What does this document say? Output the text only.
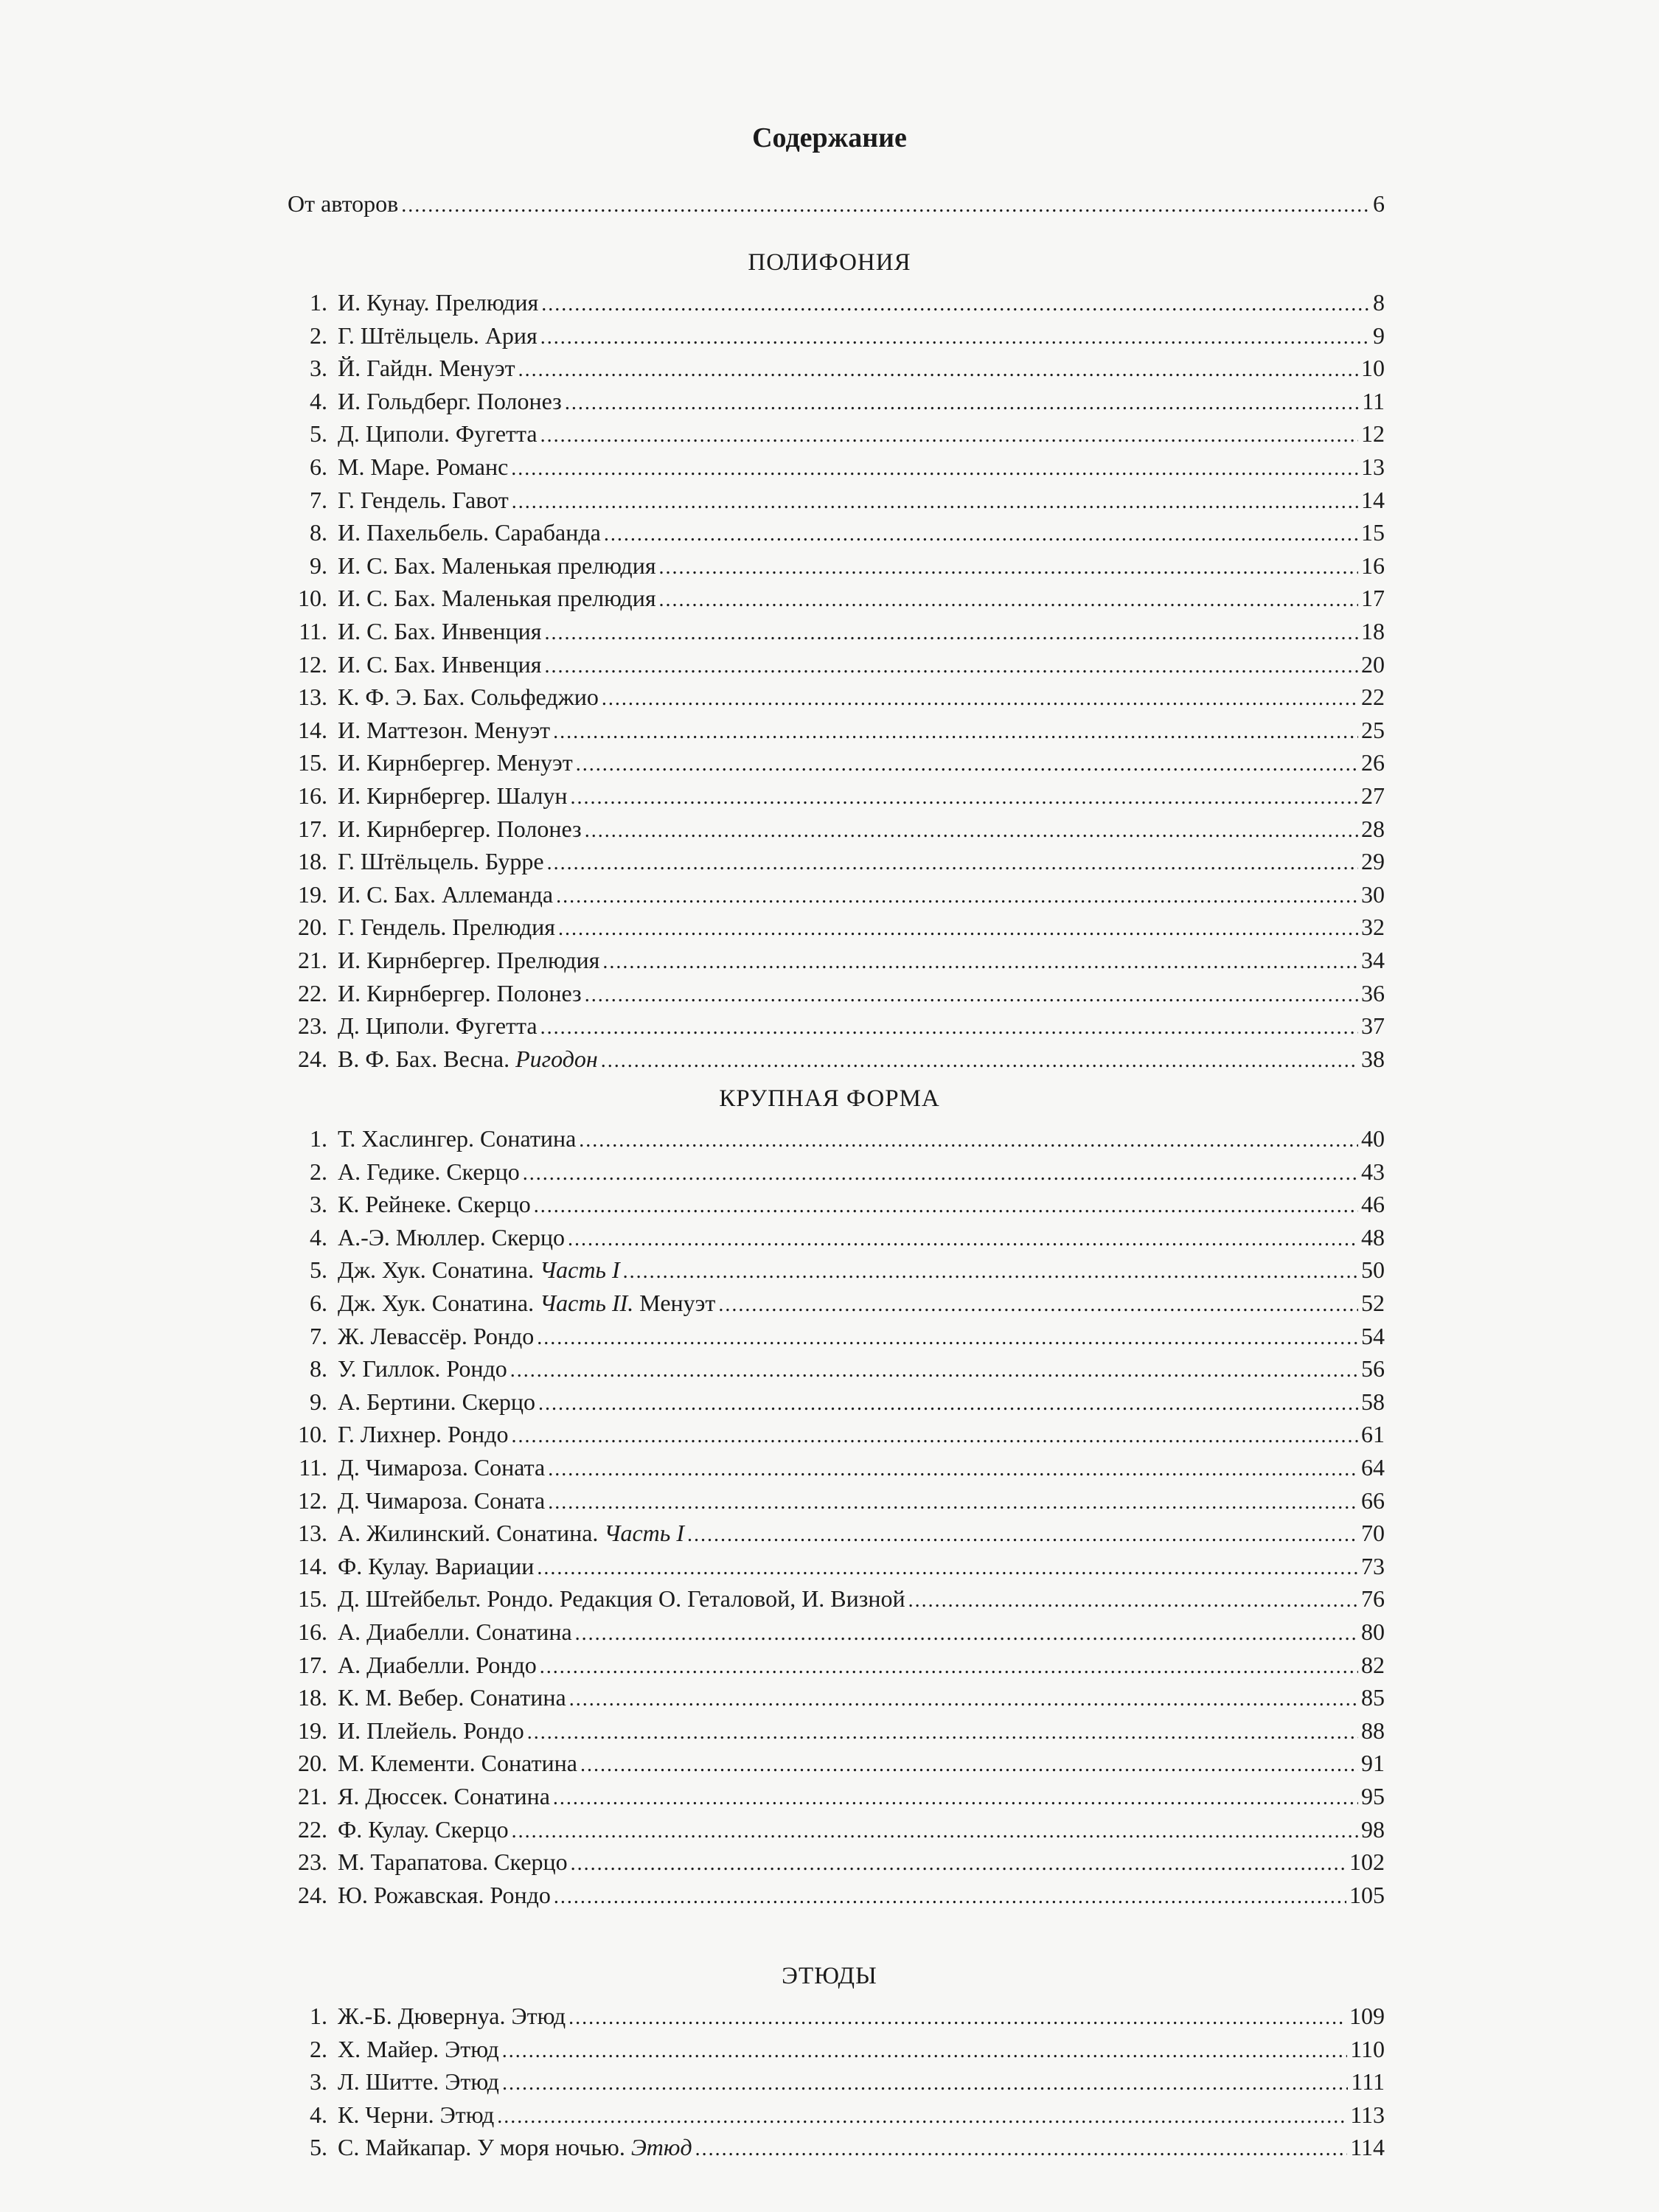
Содержание
От авторов .....	6
ПОЛИФОНИЯ
1. И. Кунау. Прелюдия .....	8
2. Г. Штёльцель. Ария .....	9
3. Й. Гайдн. Менуэт .....	10
4. И. Гольдберг. Полонез .....	11
5. Д. Циполи. Фугетта .....	12
6. М. Маре. Романс .....	13
7. Г. Гендель. Гавот .....	14
8. И. Пахельбель. Сарабанда .....	15
9. И. С. Бах. Маленькая прелюдия .....	16
10. И. С. Бах. Маленькая прелюдия .....	17
11. И. С. Бах. Инвенция .....	18
12. И. С. Бах. Инвенция .....	20
13. К. Ф. Э. Бах. Сольфеджио .....	22
14. И. Маттезон. Менуэт .....	25
15. И. Кирнбергер. Менуэт .....	26
16. И. Кирнбергер. Шалун .....	27
17. И. Кирнбергер. Полонез .....	28
18. Г. Штёльцель. Бурре .....	29
19. И. С. Бах. Аллеманда .....	30
20. Г. Гендель. Прелюдия .....	32
21. И. Кирнбергер. Прелюдия .....	34
22. И. Кирнбергер. Полонез .....	36
23. Д. Циполи. Фугетта .....	37
24. В. Ф. Бах. Весна. Ригодон .....	38
КРУПНАЯ ФОРМА
1. Т. Хаслингер. Сонатина .....	40
2. А. Гедике. Скерцо .....	43
3. К. Рейнеке. Скерцо .....	46
4. А.-Э. Мюллер. Скерцо .....	48
5. Дж. Хук. Сонатина. Часть I .....	50
6. Дж. Хук. Сонатина. Часть II. Менуэт .....	52
7. Ж. Левассёр. Рондо .....	54
8. У. Гиллок. Рондо .....	56
9. А. Бертини. Скерцо .....	58
10. Г. Лихнер. Рондо .....	61
11. Д. Чимароза. Соната .....	64
12. Д. Чимароза. Соната .....	66
13. А. Жилинский. Сонатина. Часть I .....	70
14. Ф. Кулау. Вариации .....	73
15. Д. Штейбельт. Рондо. Редакция О. Геталовой, И. Визной .....	76
16. А. Диабелли. Сонатина .....	80
17. А. Диабелли. Рондо .....	82
18. К. М. Вебер. Сонатина .....	85
19. И. Плейель. Рондо .....	88
20. М. Клементи. Сонатина .....	91
21. Я. Дюссек. Сонатина .....	95
22. Ф. Кулау. Скерцо .....	98
23. М. Тарапатова. Скерцо .....	102
24. Ю. Рожавская. Рондо .....	105
ЭТЮДЫ
1. Ж.-Б. Дювернуа. Этюд .....	109
2. Х. Майер. Этюд .....	110
3. Л. Шитте. Этюд .....	111
4. К. Черни. Этюд .....	113
5. С. Майкапар. У моря ночью. Этюд .....	114
